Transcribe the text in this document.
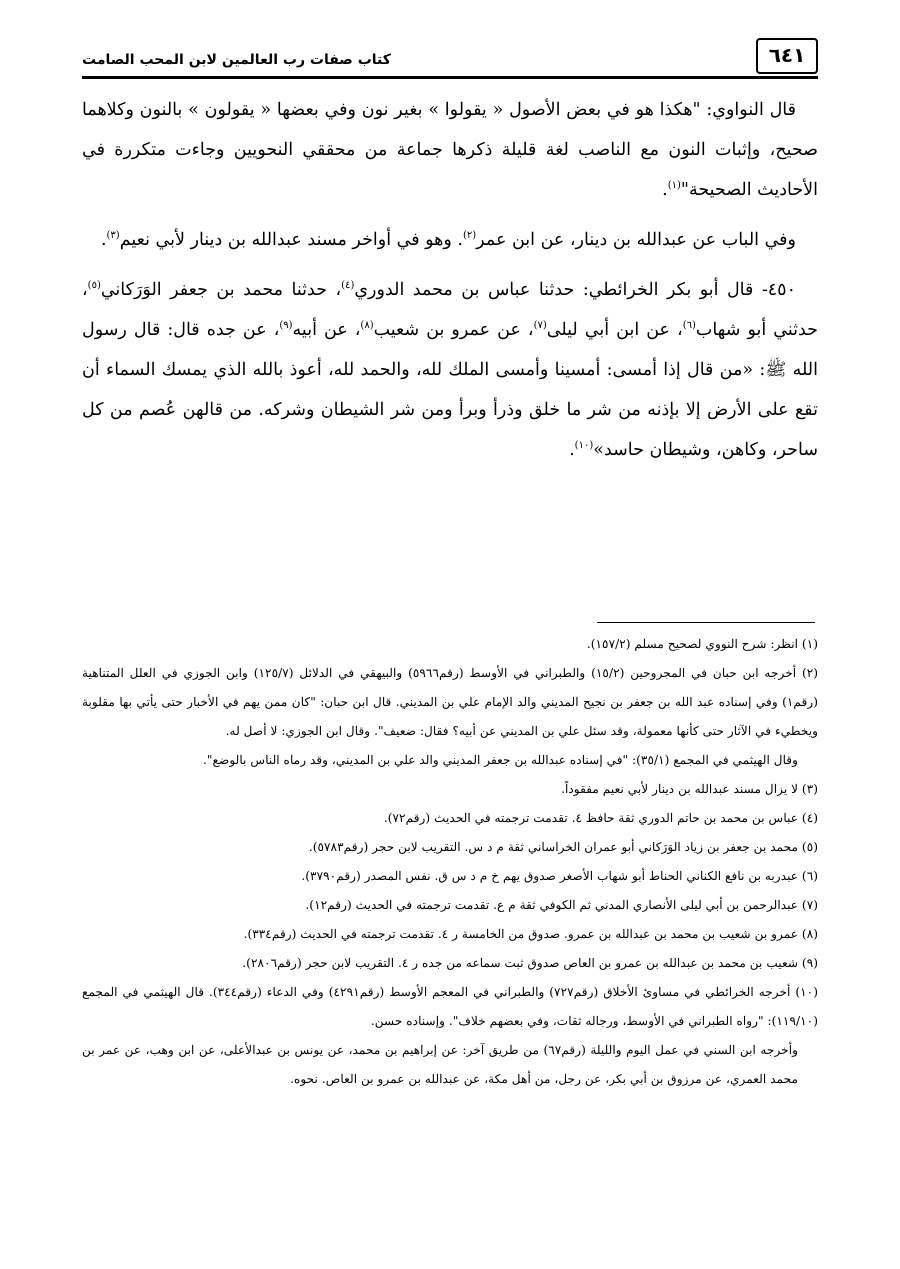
٦٤١
كتاب صفات رب العالمين لابن المحب الصامت

قال النواوي: "هكذا هو في بعض الأصول « يقولوا » بغير نون وفي بعضها « يقولون » بالنون وكلاهما صحيح، وإثبات النون مع الناصب لغة قليلة ذكرها جماعة من محققي النحويين وجاءت متكررة في الأحاديث الصحيحة"$^{(١)}$.

وفي الباب عن عبدالله بن دينار، عن ابن عمر$^{(٢)}$. وهو في أواخر مسند عبدالله بن دينار لأبي نعيم$^{(٣)}$.

٤٥٠- قال أبو بكر الخرائطي: حدثنا عباس بن محمد الدوري$^{(٤)}$، حدثنا محمد بن جعفر الوَرَكاني$^{(٥)}$، حدثني أبو شهاب$^{(٦)}$، عن ابن أبي ليلى$^{(٧)}$، عن عمرو بن شعيب$^{(٨)}$، عن أبيه$^{(٩)}$، عن جده قال: قال رسول الله ﷺ: «من قال إذا أمسى: أمسينا وأمسى الملك لله، والحمد لله، أعوذ بالله الذي يمسك السماء أن تقع على الأرض إلا بإذنه من شر ما خلق وذرأ وبرأ ومن شر الشيطان وشركه. من قالهن عُصم من كل ساحر، وكاهن، وشيطان حاسد»$^{(١٠)}$.

(١) انظر: شرح النووي لصحيح مسلم (١٥٧/٢).

(٢) أخرجه ابن حبان في المجروحين (١٥/٢) والطبراني في الأوسط (رقم٥٩٦٦) والبيهقي في الدلائل (١٢٥/٧) وابن الجوزي في العلل المتناهية (رقم١) وفي إسناده عبد الله بن جعفر بن نجيح المديني والد الإمام علي بن المديني. قال ابن حبان: "كان ممن يهم في الأخبار حتى يأتي بها مقلوبة ويخطيء في الآثار حتى كأنها معمولة، وقد سئل علي بن المديني عن أبيه؟ فقال: ضعيف". وقال ابن الجوزي: لا أصل له.

وقال الهيثمي في المجمع (٣٥/١): "في إسناده عبدالله بن جعفر المديني والد علي بن المديني، وقد رماه الناس بالوضع".

(٣) لا يزال مسند عبدالله بن دينار لأبي نعيم مفقوداً.

(٤) عباس بن محمد بن حاتم الدوري ثقة حافظ ٤. تقدمت ترجمته في الحديث (رقم٧٢).

(٥) محمد بن جعفر بن زياد الوَرَكاني أبو عمران الخراساني ثقة م د س. التقريب لابن حجر (رقم٥٧٨٣).

(٦) عبدربه بن نافع الكناني الحناط أبو شهاب الأصغر صدوق يهم خ م د س ق. نفس المصدر (رقم٣٧٩٠).

(٧) عبدالرحمن بن أبي ليلى الأنصاري المدني ثم الكوفي ثقة م ع. تقدمت ترجمته في الحديث (رقم١٢).

(٨) عمرو بن شعيب بن محمد بن عبدالله بن عمرو. صدوق من الخامسة ر ٤. تقدمت ترجمته في الحديث (رقم٣٣٤).

(٩) شعيب بن محمد بن عبدالله بن عمرو بن العاص صدوق ثبت سماعه من جده ر ٤. التقريب لابن حجر (رقم٢٨٠٦).

(١٠) أخرجه الخرائطي في مساوئ الأخلاق (رقم٧٢٧) والطبراني في المعجم الأوسط (رقم٤٢٩١) وفي الدعاء (رقم٣٤٤). قال الهيثمي في المجمع (١١٩/١٠): "رواه الطبراني في الأوسط، ورجاله ثقات، وفي بعضهم خلاف". وإسناده حسن.

وأخرجه ابن السني في عمل اليوم والليلة (رقم٦٧) من طريق آخر: عن إبراهيم بن محمد، عن يونس بن عبدالأعلى، عن ابن وهب، عن عمر بن محمد العمري، عن مرزوق بن أبي بكر، عن رجل، من أهل مكة، عن عبدالله بن عمرو بن العاص. نحوه.
